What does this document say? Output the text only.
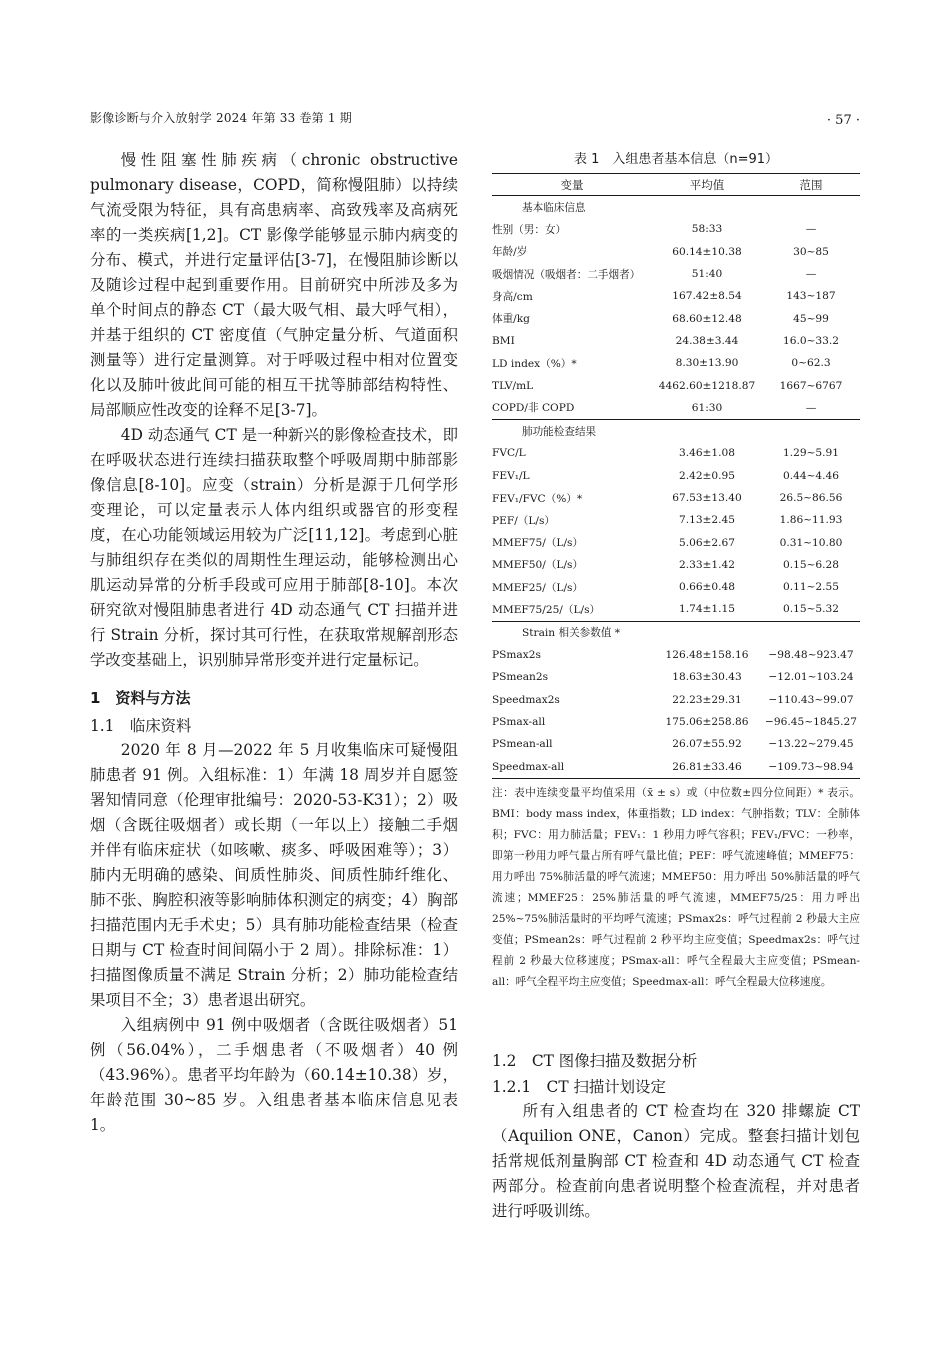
影像诊断与介入放射学 2024 年第 33 卷第 1 期	· 57 ·

慢性阻塞性肺疾病（chronic obstructive pulmonary disease，COPD，简称慢阻肺）以持续气流受限为特征，具有高患病率、高致残率及高病死率的一类疾病[1,2]。CT 影像学能够显示肺内病变的分布、模式，并进行定量评估[3-7]，在慢阻肺诊断以及随诊过程中起到重要作用。目前研究中所涉及多为单个时间点的静态 CT（最大吸气相、最大呼气相），并基于组织的 CT 密度值（气肿定量分析、气道面积测量等）进行定量测算。对于呼吸过程中相对位置变化以及肺叶彼此间可能的相互干扰等肺部结构特性、局部顺应性改变的诠释不足[3-7]。

4D 动态通气 CT 是一种新兴的影像检查技术，即在呼吸状态进行连续扫描获取整个呼吸周期中肺部影像信息[8-10]。应变（strain）分析是源于几何学形变理论，可以定量表示人体内组织或器官的形变程度，在心功能领域运用较为广泛[11,12]。考虑到心脏与肺组织存在类似的周期性生理运动，能够检测出心肌运动异常的分析手段或可应用于肺部[8-10]。本次研究欲对慢阻肺患者进行 4D 动态通气 CT 扫描并进行 Strain 分析，探讨其可行性，在获取常规解剖形态学改变基础上，识别肺异常形变并进行定量标记。

1　资料与方法
1.1　临床资料

2020 年 8 月—2022 年 5 月收集临床可疑慢阻肺患者 91 例。入组标准：1）年满 18 周岁并自愿签署知情同意（伦理审批编号：2020-53-K31）；2）吸烟（含既往吸烟者）或长期（一年以上）接触二手烟并伴有临床症状（如咳嗽、痰多、呼吸困难等）；3）肺内无明确的感染、间质性肺炎、间质性肺纤维化、肺不张、胸腔积液等影响肺体积测定的病变；4）胸部扫描范围内无手术史；5）具有肺功能检查结果（检查日期与 CT 检查时间间隔小于 2 周）。排除标准：1）扫描图像质量不满足 Strain 分析；2）肺功能检查结果项目不全；3）患者退出研究。

入组病例中 91 例中吸烟者（含既往吸烟者）51 例（56.04%），二手烟患者（不吸烟者）40 例（43.96%）。患者平均年龄为（60.14±10.38）岁，年龄范围 30~85 岁。入组患者基本临床信息见表 1。

表 1　入组患者基本信息（n=91）
变量	平均值	范围
基本临床信息		
性别（男：女）	58:33	—
年龄/岁	60.14±10.38	30~85
吸烟情况（吸烟者：二手烟者）	51:40	—
身高/cm	167.42±8.54	143~187
体重/kg	68.60±12.48	45~99
BMI	24.38±3.44	16.0~33.2
LD index（%）*	8.30±13.90	0~62.3
TLV/mL	4462.60±1218.87	1667~6767
COPD/非 COPD	61:30	—
肺功能检查结果		
FVC/L	3.46±1.08	1.29~5.91
FEV₁/L	2.42±0.95	0.44~4.46
FEV₁/FVC（%）*	67.53±13.40	26.5~86.56
PEF/（L/s）	7.13±2.45	1.86~11.93
MMEF75/（L/s）	5.06±2.67	0.31~10.80
MMEF50/（L/s）	2.33±1.42	0.15~6.28
MMEF25/（L/s）	0.66±0.48	0.11~2.55
MMEF75/25/（L/s）	1.74±1.15	0.15~5.32
Strain 相关参数值 *		
PSmax2s	126.48±158.16	−98.48~923.47
PSmean2s	18.63±30.43	−12.01~103.24
Speedmax2s	22.23±29.31	−110.43~99.07
PSmax-all	175.06±258.86	−96.45~1845.27
PSmean-all	26.07±55.92	−13.22~279.45
Speedmax-all	26.81±33.46	−109.73~98.94
注：表中连续变量平均值采用（x̄ ± s）或（中位数±四分位间距）* 表示。BMI：body mass index，体重指数；LD index：气肿指数；TLV：全肺体积；FVC：用力肺活量；FEV₁：1 秒用力呼气容积；FEV₁/FVC：一秒率，即第一秒用力呼气量占所有呼气量比值；PEF：呼气流速峰值；MMEF75：用力呼出 75%肺活量的呼气流速；MMEF50：用力呼出 50%肺活量的呼气流速；MMEF25：25%肺活量的呼气流速，MMEF75/25：用力呼出 25%~75%肺活量时的平均呼气流速；PSmax2s：呼气过程前 2 秒最大主应变值；PSmean2s：呼气过程前 2 秒平均主应变值；Speedmax2s：呼气过程前 2 秒最大位移速度；PSmax-all：呼气全程最大主应变值；PSmean-all：呼气全程平均主应变值；Speedmax-all：呼气全程最大位移速度。
1.2　CT 图像扫描及数据分析
1.2.1　CT 扫描计划设定

所有入组患者的 CT 检查均在 320 排螺旋 CT（Aquilion ONE，Canon）完成。整套扫描计划包括常规低剂量胸部 CT 检查和 4D 动态通气 CT 检查两部分。检查前向患者说明整个检查流程，并对患者进行呼吸训练。
